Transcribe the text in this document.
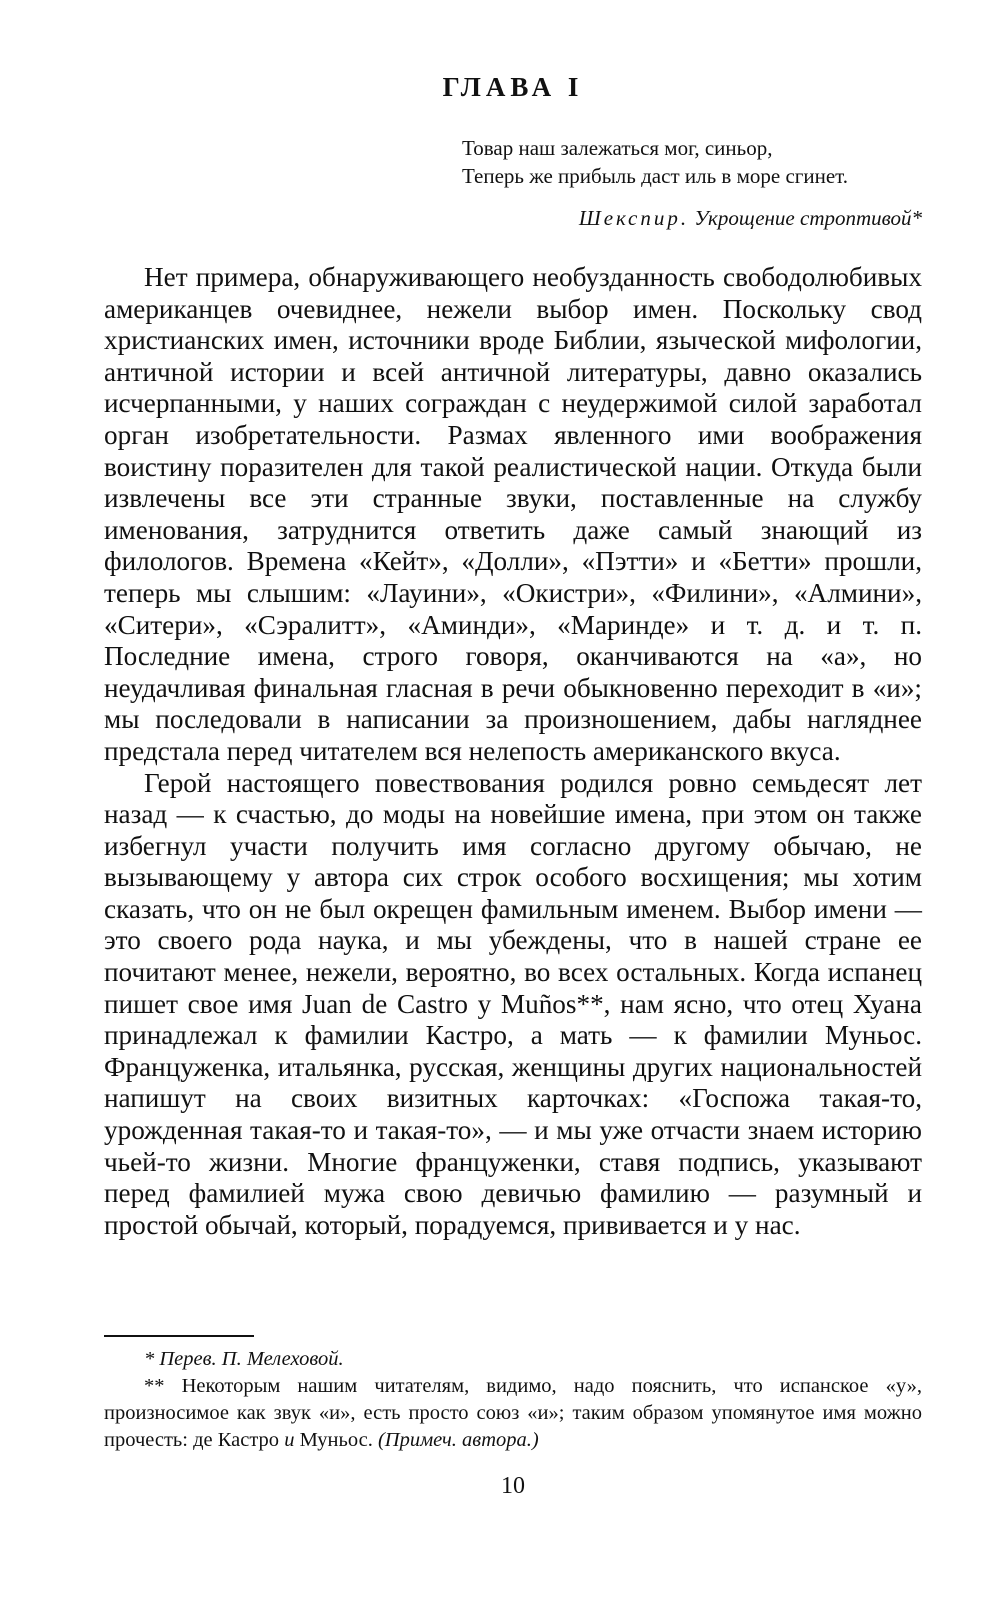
ГЛАВА I
Товар наш залежаться мог, синьор,
Теперь же прибыль даст иль в море сгинет.
Шекспир. Укрощение строптивой*

Нет примера, обнаруживающего необузданность свободолюбивых американцев очевиднее, нежели выбор имен. Поскольку свод христианских имен, источники вроде Библии, языческой мифологии, античной истории и всей античной литературы, давно оказались исчерпанными, у наших сограждан с неудержимой силой заработал орган изобретательности. Размах явленного ими воображения воистину поразителен для такой реалистической нации. Откуда были извлечены все эти странные звуки, поставленные на службу именования, затруднится ответить даже самый знающий из филологов. Времена «Кейт», «Долли», «Пэтти» и «Бетти» прошли, теперь мы слышим: «Лауини», «Окистри», «Филини», «Алмини», «Ситери», «Сэралитт», «Аминди», «Мариндe» и т. д. и т. п. Последние имена, строго говоря, оканчиваются на «а», но неудачливая финальная гласная в речи обыкновенно переходит в «и»; мы последовали в написании за произношением, дабы нагляднее предстала перед читателем вся нелепость американского вкуса.

Герой настоящего повествования родился ровно семьдесят лет назад — к счастью, до моды на новейшие имена, при этом он также избегнул участи получить имя согласно другому обычаю, не вызывающему у автора сих строк особого восхищения; мы хотим сказать, что он не был окрещен фамильным именем. Выбор имени — это своего рода наука, и мы убеждены, что в нашей стране ее почитают менее, нежели, вероятно, во всех остальных. Когда испанец пишет свое имя Juan de Castro y Muños**, нам ясно, что отец Хуана принадлежал к фамилии Кастро, а мать — к фамилии Муньос. Француженка, итальянка, русская, женщины других национальностей напишут на своих визитных карточках: «Госпожа такая-то, урожденная такая-то и такая-то», — и мы уже отчасти знаем историю чьей-то жизни. Многие француженки, ставя подпись, указывают перед фамилией мужа свою девичью фамилию — разумный и простой обычай, который, порадуемся, прививается и у нас.

* Перев. П. Мелеховой.

** Некоторым нашим читателям, видимо, надо пояснить, что испанское «у», произносимое как звук «и», есть просто союз «и»; таким образом упомянутое имя можно прочесть: де Кастро и Муньос. (Примеч. автора.)

10
